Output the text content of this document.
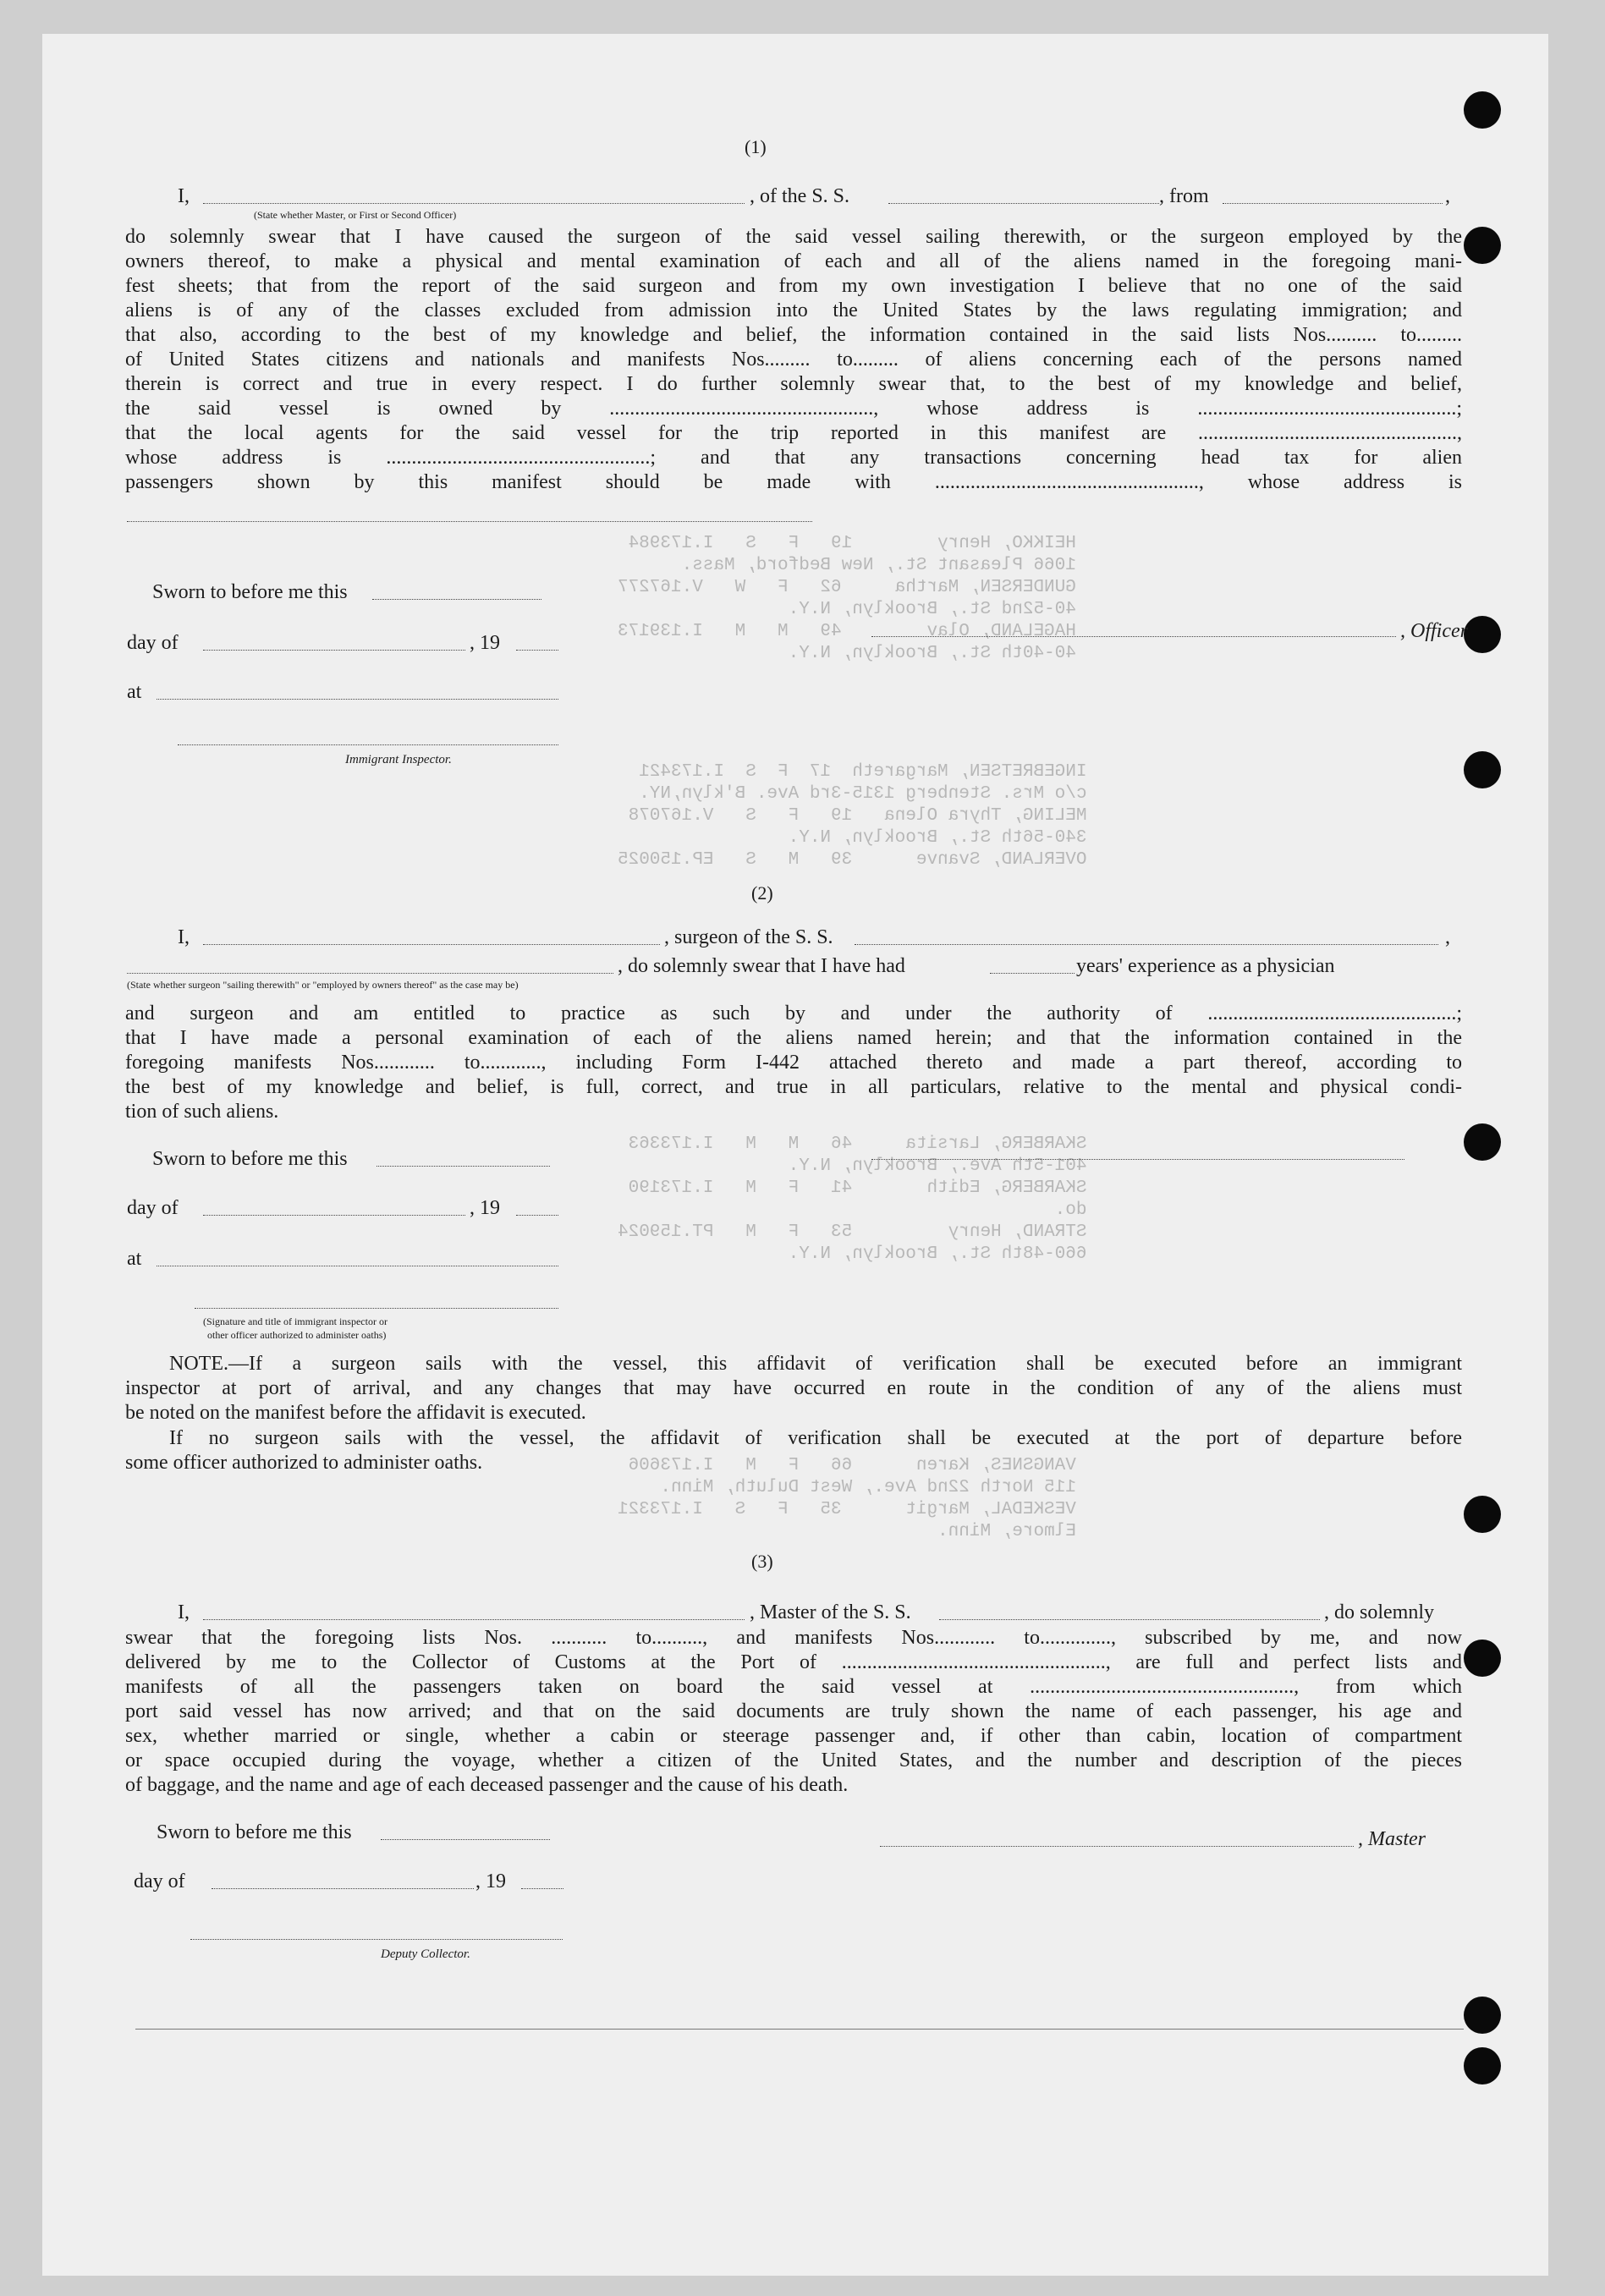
HEIKKO, Henry        19   F   S   I.173984
1066 Pleasant St., New Bedford, Mass.
GUNDERSEN, Martha     62   F   W   V.167277
40-52nd St., Brooklyn, N.Y.
HAGELAND, Olav        49   M   M   I.139173
40-40th St., Brooklyn, N.Y.
INGEBRETSEN, Margareth  17  F  S  I.173421
c/o Mrs. Stenberg 1315-3rd Ave. B'klyn,NY.
MELING, Thyra Olena   19   F   S   V.167078
340-56th St., Brooklyn, N.Y.
OVERLAND, Svanve      39   M   S   EP.150025
SKARBERG, Larsita     46   M   M   I.173363
401-5th Ave., Brooklyn, N.Y.
SKARBERG, Edith       41   F   M   I.173190
do.
STRAND, Henry         53   F   M   PT.159024
660-48th St., Brooklyn, N.Y.
VANGSNES, Karen      66   F   M   I.173606
115 North 22nd Ave., West Duluth, Minn.
VESKEDAL, Margit      35   F   S   I.173321
Elmore, Minn.
(1)
I,	, of the S. S.	, from	,
(State whether Master, or First or Second Officer)
do solemnly swear that I have caused the surgeon of the said vessel sailing therewith, or the surgeon employed by the
owners thereof, to make a physical and mental examination of each and all of the aliens named in the foregoing mani-
fest sheets; that from the report of the said surgeon and from my own investigation I believe that no one of the said
aliens is of any of the classes excluded from admission into the United States by the laws regulating immigration; and
that also, according to the best of my knowledge and belief, the information contained in the said lists Nos.......... to.........
of United States citizens and nationals and manifests Nos......... to......... of aliens concerning each of the persons named
therein is correct and true in every respect. I do further solemnly swear that, to the best of my knowledge and belief,
the said vessel is owned by ...................................................., whose address is ...................................................;
that the local agents for the said vessel for the trip reported in this manifest are ...................................................,
whose address is ....................................................; and that any transactions concerning head tax for alien
passengers shown by this manifest should be made with ...................................................., whose address is
Sworn to before me this
day of	, 19
at
, Officer
Immigrant Inspector.
(2)
I,	, surgeon of the S. S.	,
, do solemnly swear that I have had	years' experience as a physician
(State whether surgeon "sailing therewith" or "employed by owners thereof" as the case may be)
and surgeon and am entitled to practice as such by and under the authority of .................................................;
that I have made a personal examination of each of the aliens named herein; and that the information contained in the
foregoing manifests Nos............ to............, including Form I-442 attached thereto and made a part thereof, according to
the best of my knowledge and belief, is full, correct, and true in all particulars, relative to the mental and physical condi-
tion of such aliens.
Sworn to before me this
day of	, 19
at
(Signature and title of immigrant inspector or
other officer authorized to administer oaths)
NOTE.—If a surgeon sails with the vessel, this affidavit of verification shall be executed before an immigrant
inspector at port of arrival, and any changes that may have occurred en route in the condition of any of the aliens must
be noted on the manifest before the affidavit is executed.
If no surgeon sails with the vessel, the affidavit of verification shall be executed at the port of departure before
some officer authorized to administer oaths.
(3)
I,	, Master of the S. S.	, do solemnly
swear that the foregoing lists Nos. ........... to.........., and manifests Nos............ to.............., subscribed by me, and now
delivered by me to the Collector of Customs at the Port of ...................................................., are full and perfect lists and
manifests of all the passengers taken on board the said vessel at ...................................................., from which
port said vessel has now arrived; and that on the said documents are truly shown the name of each passenger, his age and
sex, whether married or single, whether a cabin or steerage passenger and, if other than cabin, location of compartment
or space occupied during the voyage, whether a citizen of the United States, and the number and description of the pieces
of baggage, and the name and age of each deceased passenger and the cause of his death.
Sworn to before me this	, Master
day of	, 19
Deputy Collector.
